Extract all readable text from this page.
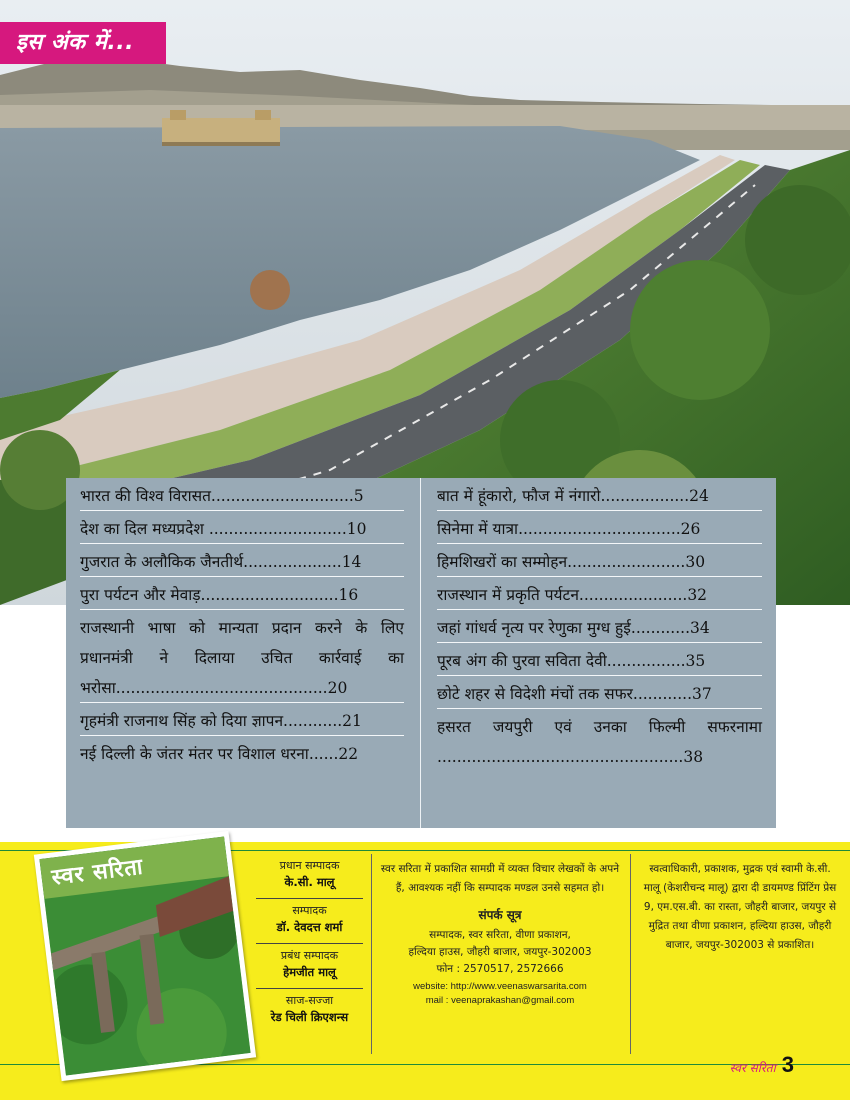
इस अंक में...
भारत की विश्व विरासत.............................5
देश का दिल मध्यप्रदेश ............................10
गुजरात के अलौकिक जैनतीर्थ....................14
पुरा पर्यटन और मेवाड़............................16
राजस्थानी भाषा को मान्यता प्रदान करने के लिए
प्रधानमंत्री ने दिलाया उचित कार्रवाई का
भरोसा...........................................20
गृहमंत्री राजनाथ सिंह को दिया ज्ञापन............21
नई दिल्ली के जंतर मंतर पर विशाल धरना......22
बात में हूंकारो, फौज में नंगारो..................24
सिनेमा में यात्रा.................................26
हिमशिखरों का सम्मोहन........................30
राजस्थान में प्रकृति पर्यटन......................32
जहां गांधर्व नृत्य पर रेणुका मुग्ध हुई............34
पूरब अंग की पुरवा सविता देवी................35
छोटे शहर से विदेशी मंचों तक सफर............37
हसरत जयपुरी एवं उनका फिल्मी सफरनामा
..................................................38
स्वर सरिता	प्रधान सम्पादक
के.सी. मालू
सम्पादक
डॉ. देवदत्त शर्मा
प्रबंध सम्पादक
हेमजीत मालू
साज-सज्जा
रेड चिली क्रिएशन्स
स्वर सरिता में प्रकाशित सामग्री में व्यक्त विचार लेखकों के अपने हैं, आवश्यक नहीं कि सम्पादक मण्डल उनसे सहमत हो।
संपर्क सूत्र
सम्पादक, स्वर सरिता, वीणा प्रकाशन,
हल्दिया हाउस, जौहरी बाजार, जयपुर-302003
फोन : 2570517, 2572666
website: http://www.veenaswarsarita.com
mail : veenaprakashan@gmail.com
स्वत्वाधिकारी, प्रकाशक, मुद्रक एवं स्वामी के.सी. मालू (केशरीचन्द मालू) द्वारा दी डायमण्ड प्रिंटिंग प्रेस 9, एम.एस.बी. का रास्ता, जौहरी बाजार, जयपुर से मुद्रित तथा वीणा प्रकाशन, हल्दिया हाउस, जौहरी बाजार, जयपुर-302003 से प्रकाशित।
स्वर सरिता 3
